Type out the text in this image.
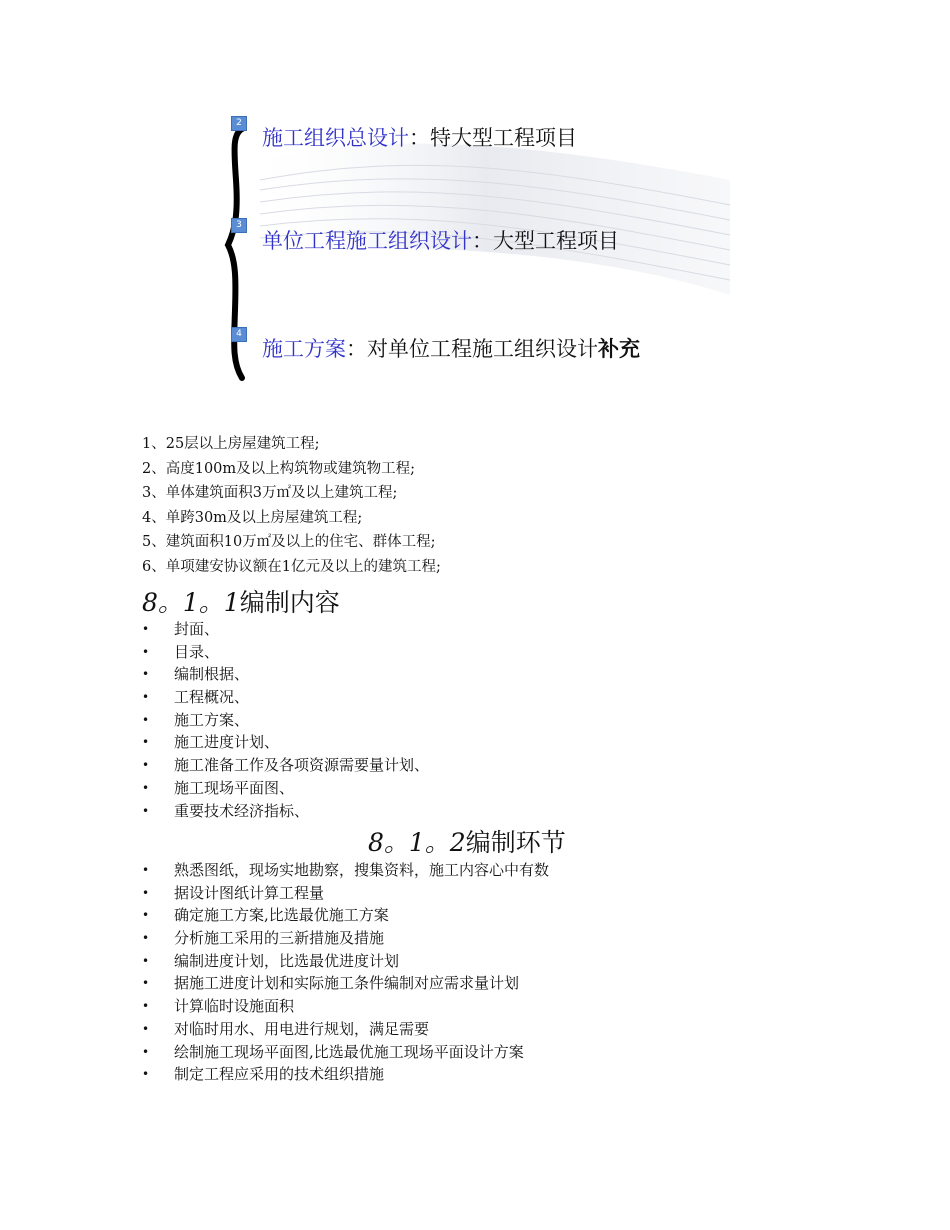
2
施工组织总设计：特大型工程项目
3
单位工程施工组织设计：大型工程项目
4
施工方案：对单位工程施工组织设计补充
1、25层以上房屋建筑工程;
2、高度100m及以上构筑物或建筑物工程;
3、单体建筑面积3万㎡及以上建筑工程;
4、单跨30m及以上房屋建筑工程;
5、建筑面积10万㎡及以上的住宅、群体工程;
6、单项建安协议额在1亿元及以上的建筑工程;
8。1。1编制内容
• 封面、
• 目录、
• 编制根据、
• 工程概况、
• 施工方案、
• 施工进度计划、
• 施工准备工作及各项资源需要量计划、
• 施工现场平面图、
• 重要技术经济指标、
8。1。2编制环节
• 熟悉图纸，现场实地勘察，搜集资料，施工内容心中有数
• 据设计图纸计算工程量
• 确定施工方案,比选最优施工方案
• 分析施工采用的三新措施及措施
• 编制进度计划，比选最优进度计划
• 据施工进度计划和实际施工条件编制对应需求量计划
• 计算临时设施面积
• 对临时用水、用电进行规划，满足需要
• 绘制施工现场平面图,比选最优施工现场平面设计方案
• 制定工程应采用的技术组织措施
